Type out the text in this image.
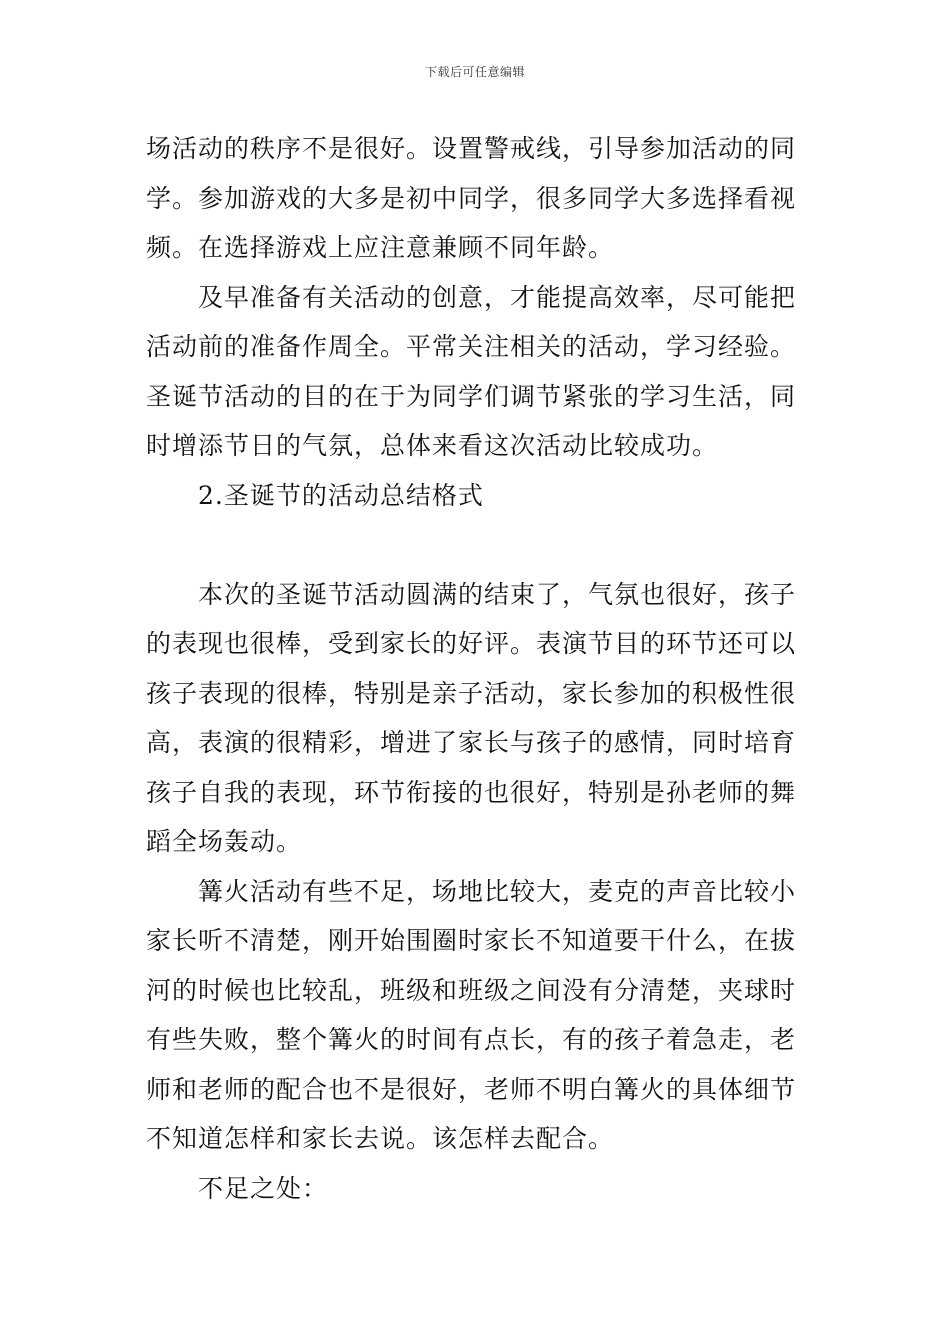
下载后可任意编辑
场活动的秩序不是很好。设置警戒线，引导参加活动的同
学。参加游戏的大多是初中同学，很多同学大多选择看视
频。在选择游戏上应注意兼顾不同年龄。
及早准备有关活动的创意，才能提高效率，尽可能把
活动前的准备作周全。平常关注相关的活动，学习经验。
圣诞节活动的目的在于为同学们调节紧张的学习生活，同
时增添节日的气氛，总体来看这次活动比较成功。
2.圣诞节的活动总结格式
本次的圣诞节活动圆满的结束了，气氛也很好，孩子
的表现也很棒，受到家长的好评。表演节目的环节还可以
孩子表现的很棒，特别是亲子活动，家长参加的积极性很
高，表演的很精彩，增进了家长与孩子的感情，同时培育
孩子自我的表现，环节衔接的也很好，特别是孙老师的舞
蹈全场轰动。
篝火活动有些不足，场地比较大，麦克的声音比较小
家长听不清楚，刚开始围圈时家长不知道要干什么，在拔
河的时候也比较乱，班级和班级之间没有分清楚，夹球时
有些失败，整个篝火的时间有点长，有的孩子着急走，老
师和老师的配合也不是很好，老师不明白篝火的具体细节
不知道怎样和家长去说。该怎样去配合。
不足之处：
